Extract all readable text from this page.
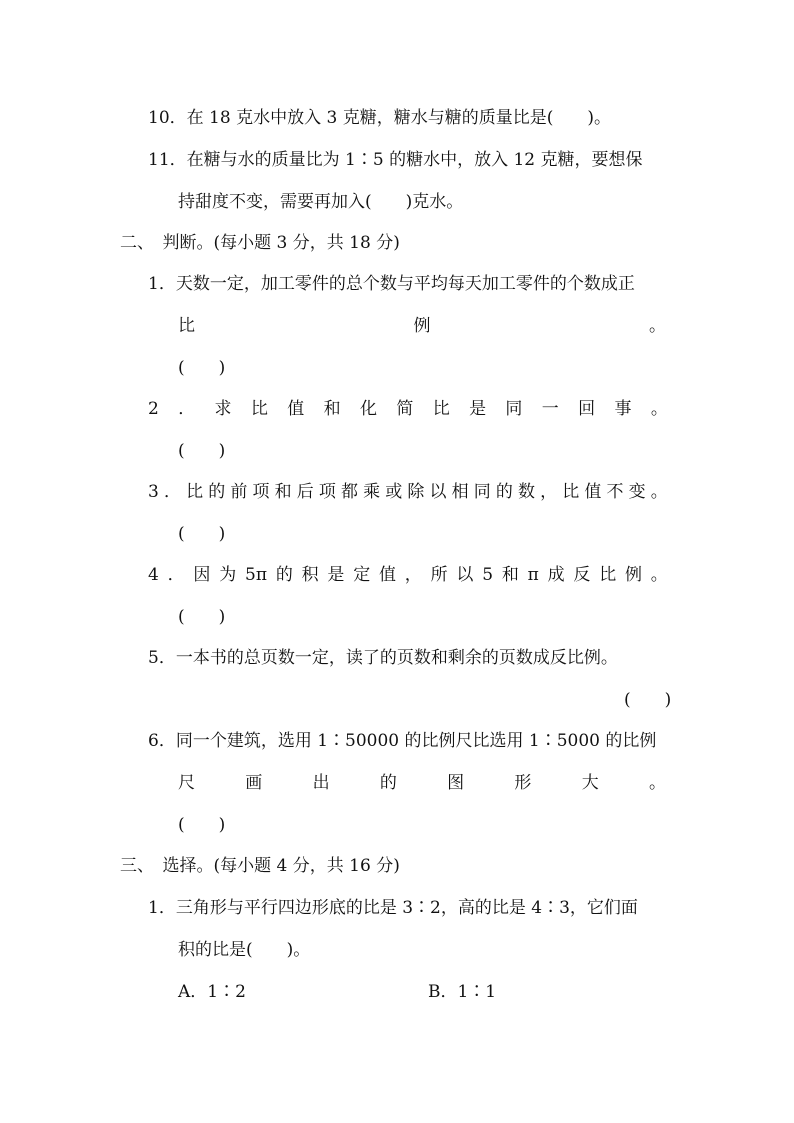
10．在 18 克水中放入 3 克糖，糖水与糖的质量比是(　　)。
11．在糖与水的质量比为 1∶5 的糖水中，放入 12 克糖，要想保
持甜度不变，需要再加入(　　)克水。
二、　判断。(每小题 3 分，共 18 分)
1．天数一定，加工零件的总个数与平均每天加工零件的个数成正
比	例	。
(　　)
2 ． 求 比 值 和 化 简 比 是 同 一 回 事 。
(　　)
3 ． 比 的 前 项 和 后 项 都 乘 或 除 以 相 同 的 数 ， 比 值 不 变 。
(　　)
4 ． 因 为 5π 的 积 是 定 值 ， 所 以 5 和 π 成 反 比 例 。
(　　)
5．一本书的总页数一定，读了的页数和剩余的页数成反比例。
(　　)
6．同一个建筑，选用 1∶50000 的比例尺比选用 1∶5000 的比例
尺	画	出	的	图	形	大	。
(　　)
三、　选择。(每小题 4 分，共 16 分)
1．三角形与平行四边形底的比是 3∶2，高的比是 4∶3，它们面
积的比是(　　)。
A．1∶2	B．1∶1
